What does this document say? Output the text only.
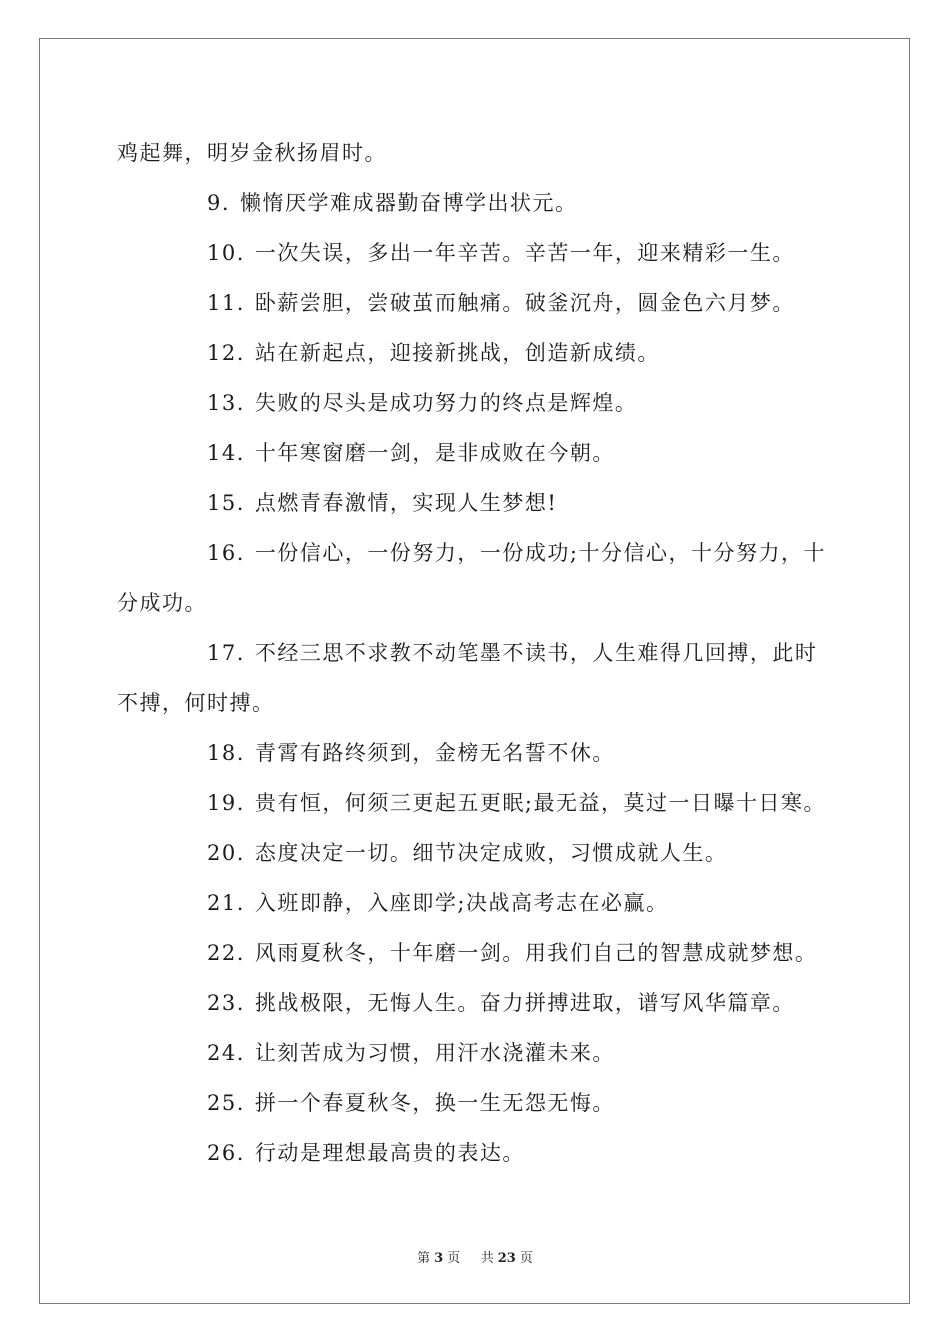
鸡起舞，明岁金秋扬眉时。

9. 懒惰厌学难成器勤奋博学出状元。

10. 一次失误，多出一年辛苦。辛苦一年，迎来精彩一生。

11. 卧薪尝胆，尝破茧而触痛。破釜沉舟，圆金色六月梦。

12. 站在新起点，迎接新挑战，创造新成绩。

13. 失败的尽头是成功努力的终点是辉煌。

14. 十年寒窗磨一剑，是非成败在今朝。

15. 点燃青春激情，实现人生梦想!

16. 一份信心，一份努力，一份成功;十分信心，十分努力，十分成功。

17. 不经三思不求教不动笔墨不读书，人生难得几回搏，此时不搏，何时搏。

18. 青霄有路终须到，金榜无名誓不休。

19. 贵有恒，何须三更起五更眠;最无益，莫过一日曝十日寒。

20. 态度决定一切。细节决定成败，习惯成就人生。

21. 入班即静，入座即学;决战高考志在必赢。

22. 风雨夏秋冬，十年磨一剑。用我们自己的智慧成就梦想。

23. 挑战极限，无悔人生。奋力拼搏进取，谱写风华篇章。

24. 让刻苦成为习惯，用汗水浇灌未来。

25. 拼一个春夏秋冬，换一生无怨无悔。

26. 行动是理想最高贵的表达。

第 3 页 共 23 页
